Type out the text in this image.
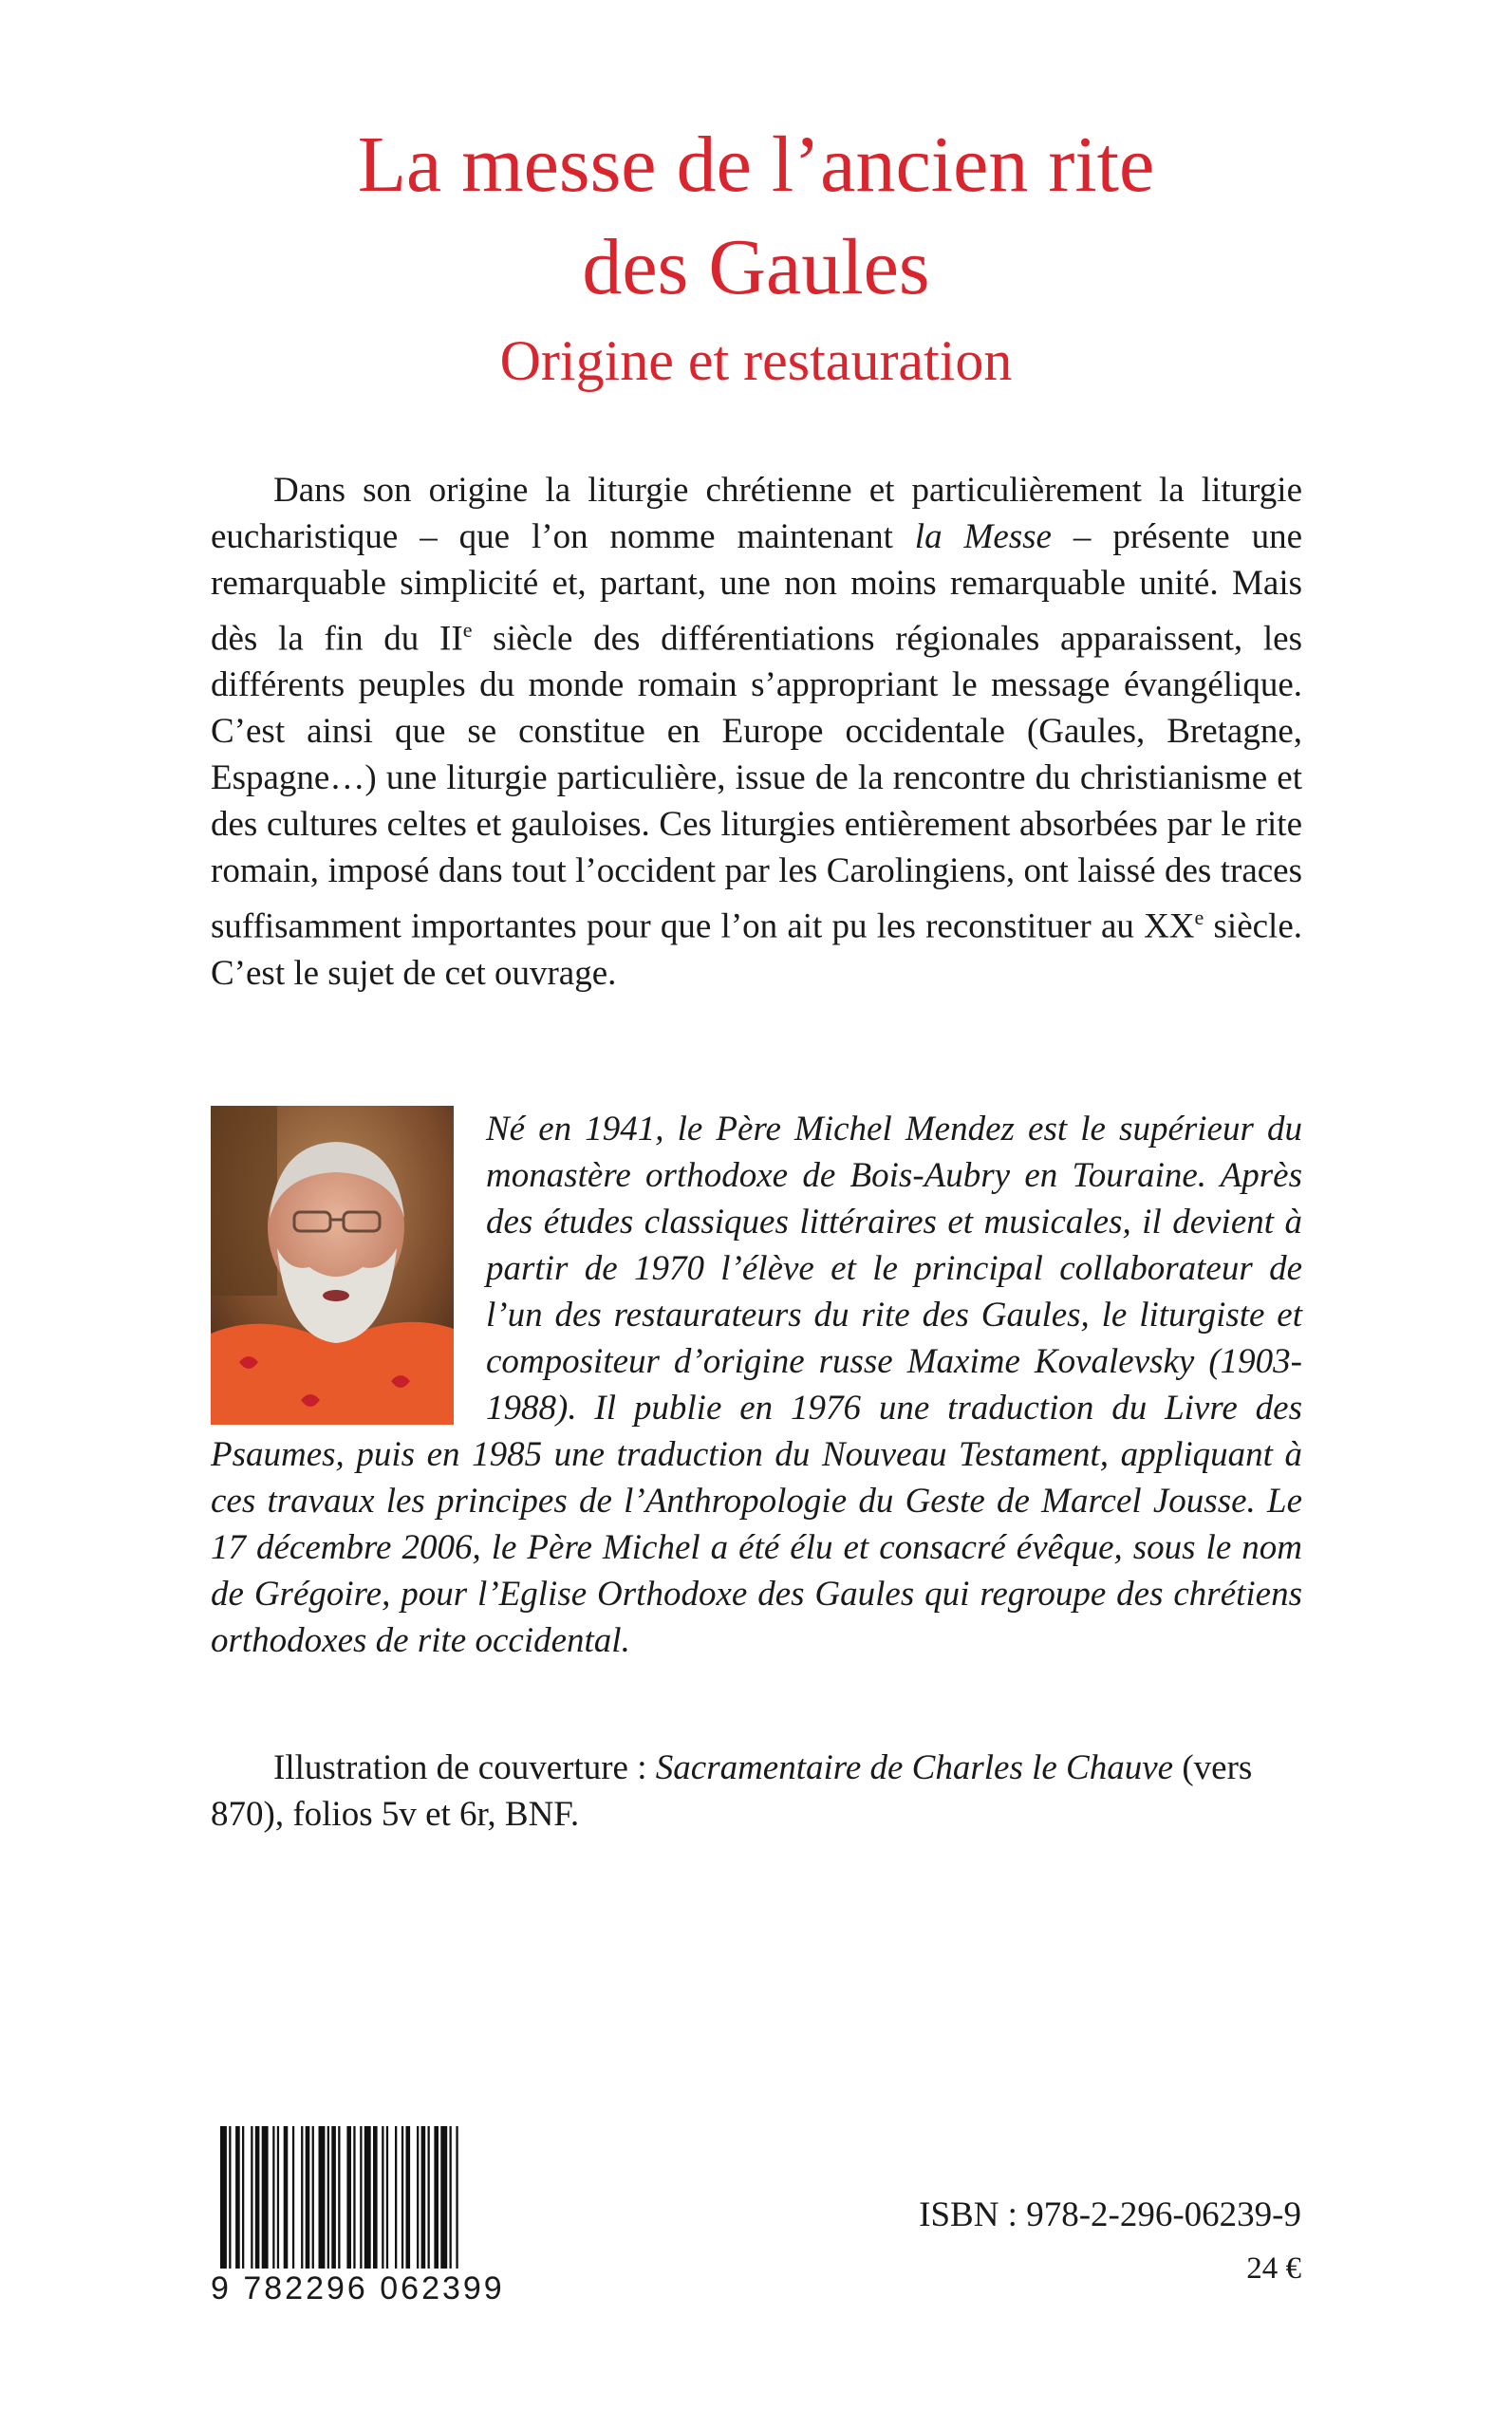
La messe de l’ancien rite
des Gaules
Origine et restauration

Dans son origine la liturgie chrétienne et particulièrement la liturgie eucharistique – que l’on nomme maintenant la Messe – présente une remarquable simplicité et, partant, une non moins remarquable unité. Mais dès la fin du IIe siècle des différentiations régionales apparaissent, les différents peuples du monde romain s’appropriant le message évangélique. C’est ainsi que se constitue en Europe occidentale (Gaules, Bretagne, Espagne…) une liturgie particulière, issue de la rencontre du christianisme et des cultures celtes et gauloises. Ces liturgies entièrement absorbées par le rite romain, imposé dans tout l’occident par les Carolingiens, ont laissé des traces suffisamment importantes pour que l’on ait pu les reconstituer au XXe siècle. C’est le sujet de cet ouvrage.

Né en 1941, le Père Michel Mendez est le supérieur du monastère orthodoxe de Bois-Aubry en Touraine. Après des études classiques littéraires et musicales, il devient à partir de 1970 l’élève et le principal collaborateur de l’un des restaurateurs du rite des Gaules, le liturgiste et compositeur d’origine russe Maxime Kovalevsky (1903-1988). Il publie en 1976 une traduction du Livre des Psaumes, puis en 1985 une traduction du Nouveau Testament, appliquant à ces travaux les principes de l’Anthropologie du Geste de Marcel Jousse. Le 17 décembre 2006, le Père Michel a été élu et consacré évêque, sous le nom de Grégoire, pour l’Eglise Orthodoxe des Gaules qui regroupe des chrétiens orthodoxes de rite occidental.

Illustration de couverture : Sacramentaire de Charles le Chauve (vers 870), folios 5v et 6r, BNF.

9 782296 062399
ISBN : 978-2-296-06239-9
24 €
